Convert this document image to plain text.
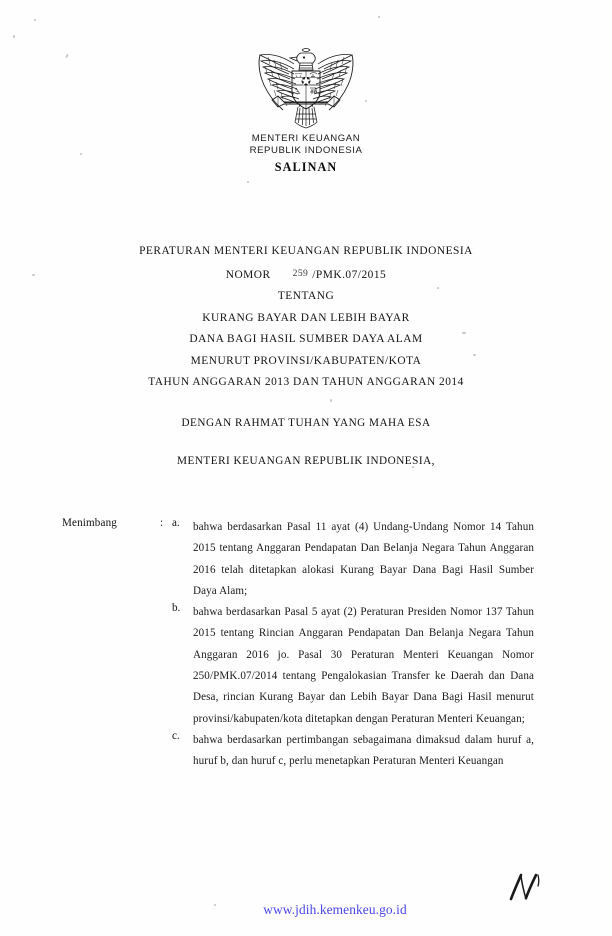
MENTERI KEUANGAN
REPUBLIK INDONESIA
SALINAN
PERATURAN MENTERI KEUANGAN REPUBLIK INDONESIA
NOMOR 259 /PMK.07/2015
TENTANG
KURANG BAYAR DAN LEBIH BAYAR
DANA BAGI HASIL SUMBER DAYA ALAM
MENURUT PROVINSI/KABUPATEN/KOTA
TAHUN ANGGARAN 2013 DAN TAHUN ANGGARAN 2014
DENGAN RAHMAT TUHAN YANG MAHA ESA
MENTERI KEUANGAN REPUBLIK INDONESIA,
Menimbang	: a. bahwa berdasarkan Pasal 11 ayat (4) Undang-Undang Nomor 14 Tahun 2015 tentang Anggaran Pendapatan Dan Belanja Negara Tahun Anggaran 2016 telah ditetapkan alokasi Kurang Bayar Dana Bagi Hasil Sumber Daya Alam;
b. bahwa berdasarkan Pasal 5 ayat (2) Peraturan Presiden Nomor 137 Tahun 2015 tentang Rincian Anggaran Pendapatan Dan Belanja Negara Tahun Anggaran 2016 jo. Pasal 30 Peraturan Menteri Keuangan Nomor 250/PMK.07/2014 tentang Pengalokasian Transfer ke Daerah dan Dana Desa, rincian Kurang Bayar dan Lebih Bayar Dana Bagi Hasil menurut provinsi/kabupaten/kota ditetapkan dengan Peraturan Menteri Keuangan;
c. bahwa berdasarkan pertimbangan sebagaimana dimaksud dalam huruf a, huruf b, dan huruf c, perlu menetapkan Peraturan Menteri Keuangan
www.jdih.kemenkeu.go.id
